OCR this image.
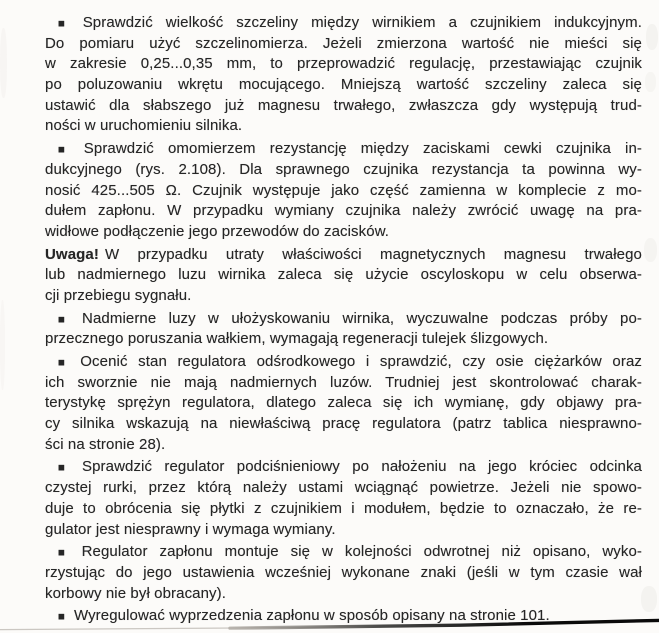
■ Sprawdzić wielkość szczeliny między wirnikiem a czujnikiem indukcyjnym.
Do pomiaru użyć szczelinomierza. Jeżeli zmierzona wartość nie mieści się
w zakresie 0,25...0,35 mm, to przeprowadzić regulację, przestawiając czujnik
po poluzowaniu wkrętu mocującego. Mniejszą wartość szczeliny zaleca się
ustawić dla słabszego już magnesu trwałego, zwłaszcza gdy występują trud-
ności w uruchomieniu silnika.
■ Sprawdzić omomierzem rezystancję między zaciskami cewki czujnika in-
dukcyjnego (rys. 2.108). Dla sprawnego czujnika rezystancja ta powinna wy-
nosić 425...505 Ω. Czujnik występuje jako część zamienna w komplecie z mo-
dułem zapłonu. W przypadku wymiany czujnika należy zwrócić uwagę na pra-
widłowe podłączenie jego przewodów do zacisków.
Uwaga! W przypadku utraty właściwości magnetycznych magnesu trwałego
lub nadmiernego luzu wirnika zaleca się użycie oscyloskopu w celu obserwa-
cji przebiegu sygnału.
■ Nadmierne luzy w ułożyskowaniu wirnika, wyczuwalne podczas próby po-
przecznego poruszania wałkiem, wymagają regeneracji tulejek ślizgowych.
■ Ocenić stan regulatora odśrodkowego i sprawdzić, czy osie ciężarków oraz
ich sworznie nie mają nadmiernych luzów. Trudniej jest skontrolować charak-
terystykę sprężyn regulatora, dlatego zaleca się ich wymianę, gdy objawy pra-
cy silnika wskazują na niewłaściwą pracę regulatora (patrz tablica niesprawno-
ści na stronie 28).
■ Sprawdzić regulator podciśnieniowy po nałożeniu na jego króciec odcinka
czystej rurki, przez którą należy ustami wciągnąć powietrze. Jeżeli nie spowo-
duje to obrócenia się płytki z czujnikiem i modułem, będzie to oznaczało, że re-
gulator jest niesprawny i wymaga wymiany.
■ Regulator zapłonu montuje się w kolejności odwrotnej niż opisano, wyko-
rzystując do jego ustawienia wcześniej wykonane znaki (jeśli w tym czasie wał
korbowy nie był obracany).
■ Wyregulować wyprzedzenia zapłonu w sposób opisany na stronie 101.
